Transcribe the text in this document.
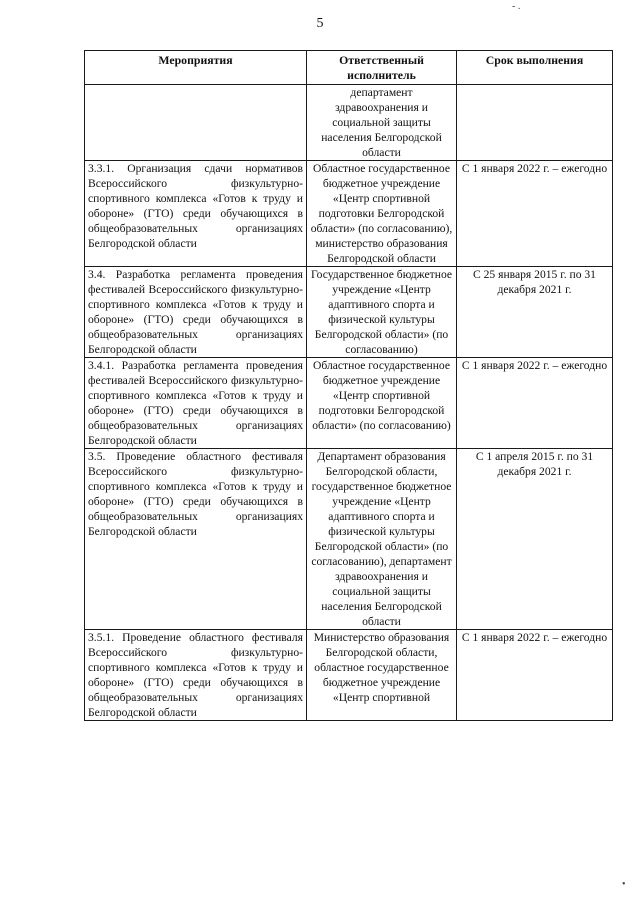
5
- .
•
Мероприятия	Ответственный исполнитель	Срок выполнения
	департамент здравоохранения и социальной защиты населения Белгородской области	
3.3.1. Организация сдачи нормативов Всероссийского физкультурно-спортивного комплекса «Готов к труду и обороне» (ГТО) среди обучающихся в общеобразовательных организациях Белгородской области	Областное государственное бюджетное учреждение «Центр спортивной подготовки Белгородской области» (по согласованию), министерство образования Белгородской области	С 1 января 2022 г. – ежегодно
3.4. Разработка регламента проведения фестивалей Всероссийского физкультурно-спортивного комплекса «Готов к труду и обороне» (ГТО) среди обучающихся в общеобразовательных организациях Белгородской области	Государственное бюджетное учреждение «Центр адаптивного спорта и физической культуры Белгородской области» (по согласованию)	С 25 января 2015 г. по 31 декабря 2021 г.
3.4.1. Разработка регламента проведения фестивалей Всероссийского физкультурно-спортивного комплекса «Готов к труду и обороне» (ГТО) среди обучающихся в общеобразовательных организациях Белгородской области	Областное государственное бюджетное учреждение «Центр спортивной подготовки Белгородской области» (по согласованию)	С 1 января 2022 г. – ежегодно
3.5. Проведение областного фестиваля Всероссийского физкультурно-спортивного комплекса «Готов к труду и обороне» (ГТО) среди обучающихся в общеобразовательных организациях Белгородской области	Департамент образования Белгородской области, государственное бюджетное учреждение «Центр адаптивного спорта и физической культуры Белгородской области» (по согласованию), департамент здравоохранения и социальной защиты населения Белгородской области	С 1 апреля 2015 г. по 31 декабря 2021 г.
3.5.1. Проведение областного фестиваля Всероссийского физкультурно-спортивного комплекса «Готов к труду и обороне» (ГТО) среди обучающихся в общеобразовательных организациях Белгородской области	Министерство образования Белгородской области, областное государственное бюджетное учреждение «Центр спортивной	С 1 января 2022 г. – ежегодно
